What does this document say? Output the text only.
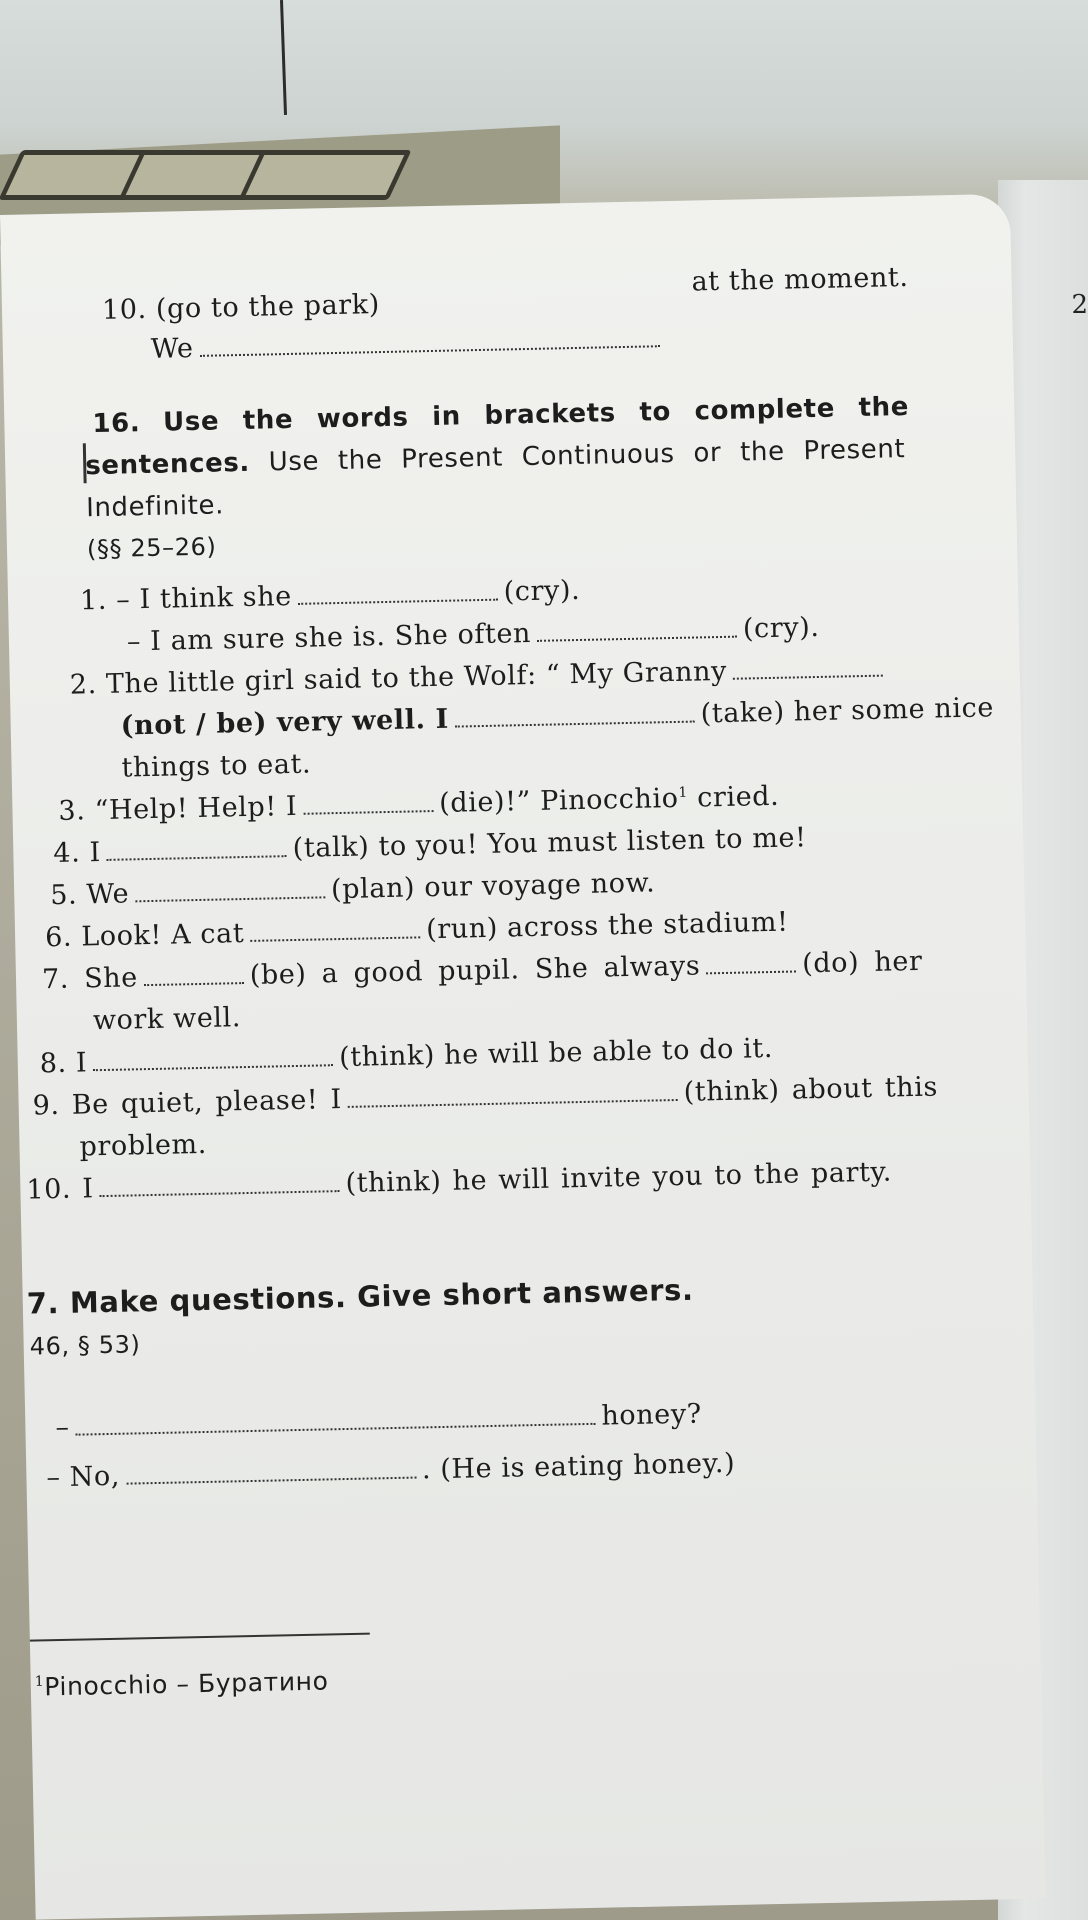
2
10. (go to the park)
at the moment.
We
16. Use the words in brackets to complete the
sentences. Use the Present Continuous or the Present
Indefinite.
(§§ 25–26)
1. – I think she	(cry).
– I am sure she is. She often	(cry).
2. The little girl said to the Wolf: “ My Granny
(not / be) very well. I	(take) her some nice
things to eat.
3. “Help! Help! I	(die)!” Pinocchio$^1$ cried.
4. I	(talk) to you! You must listen to me!
5. We	(plan) our voyage now.
6. Look! A cat	(run) across the stadium!
7. She	(be) a good pupil. She always	(do) her
work well.
8. I	(think) he will be able to do it.
9. Be quiet, please! I	(think) about this
problem.
10. I	(think) he will invite you to the party.
7. Make questions. Give short answers.
46, § 53)
–	honey?
– No,	. (He is eating honey.)
$^1$Pinocchio – Буратино
